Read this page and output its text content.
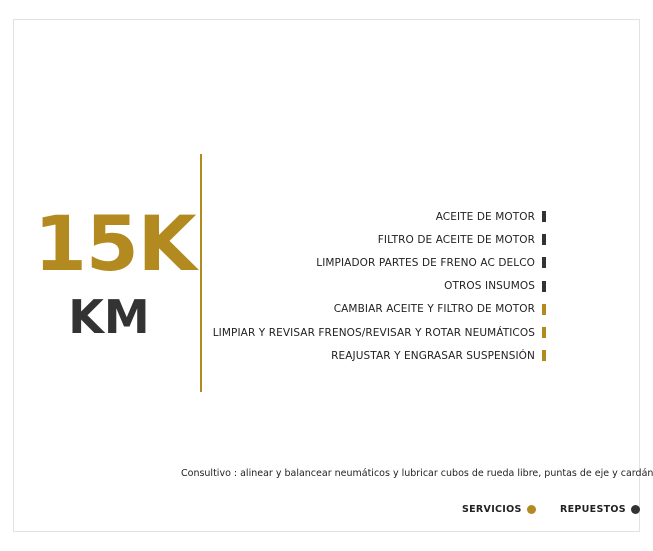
15K
KM
ACEITE DE MOTOR
FILTRO DE ACEITE DE MOTOR
LIMPIADOR PARTES DE FRENO AC DELCO
OTROS INSUMOS
CAMBIAR ACEITE Y FILTRO DE MOTOR
LIMPIAR Y REVISAR FRENOS/REVISAR Y ROTAR NEUMÁTICOS
REAJUSTAR Y ENGRASAR SUSPENSIÓN
Consultivo : alinear y balancear neumáticos y lubricar cubos de rueda libre, puntas de eje y cardán
SERVICIOS	REPUESTOS
